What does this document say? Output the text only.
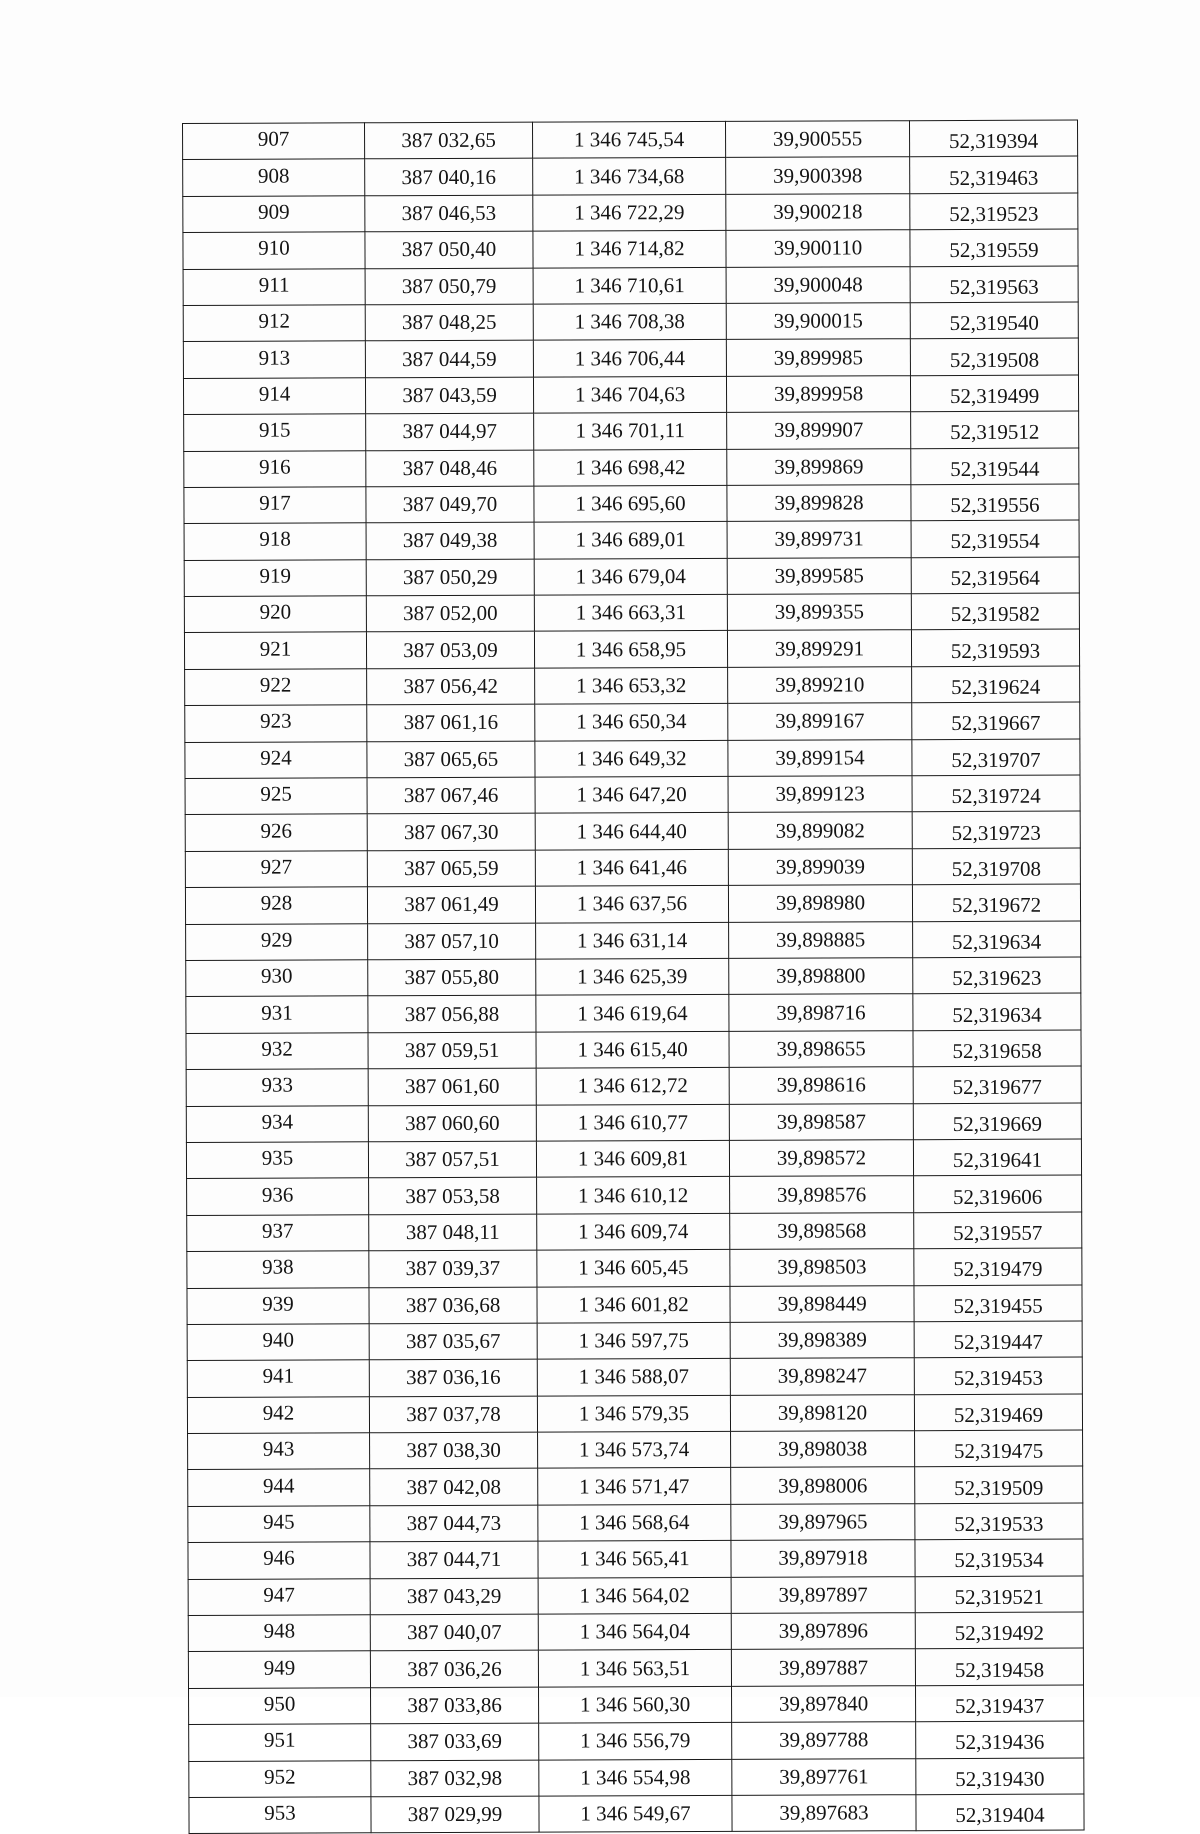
907	387 032,65	1 346 745,54	39,900555	52,319394
908	387 040,16	1 346 734,68	39,900398	52,319463
909	387 046,53	1 346 722,29	39,900218	52,319523
910	387 050,40	1 346 714,82	39,900110	52,319559
911	387 050,79	1 346 710,61	39,900048	52,319563
912	387 048,25	1 346 708,38	39,900015	52,319540
913	387 044,59	1 346 706,44	39,899985	52,319508
914	387 043,59	1 346 704,63	39,899958	52,319499
915	387 044,97	1 346 701,11	39,899907	52,319512
916	387 048,46	1 346 698,42	39,899869	52,319544
917	387 049,70	1 346 695,60	39,899828	52,319556
918	387 049,38	1 346 689,01	39,899731	52,319554
919	387 050,29	1 346 679,04	39,899585	52,319564
920	387 052,00	1 346 663,31	39,899355	52,319582
921	387 053,09	1 346 658,95	39,899291	52,319593
922	387 056,42	1 346 653,32	39,899210	52,319624
923	387 061,16	1 346 650,34	39,899167	52,319667
924	387 065,65	1 346 649,32	39,899154	52,319707
925	387 067,46	1 346 647,20	39,899123	52,319724
926	387 067,30	1 346 644,40	39,899082	52,319723
927	387 065,59	1 346 641,46	39,899039	52,319708
928	387 061,49	1 346 637,56	39,898980	52,319672
929	387 057,10	1 346 631,14	39,898885	52,319634
930	387 055,80	1 346 625,39	39,898800	52,319623
931	387 056,88	1 346 619,64	39,898716	52,319634
932	387 059,51	1 346 615,40	39,898655	52,319658
933	387 061,60	1 346 612,72	39,898616	52,319677
934	387 060,60	1 346 610,77	39,898587	52,319669
935	387 057,51	1 346 609,81	39,898572	52,319641
936	387 053,58	1 346 610,12	39,898576	52,319606
937	387 048,11	1 346 609,74	39,898568	52,319557
938	387 039,37	1 346 605,45	39,898503	52,319479
939	387 036,68	1 346 601,82	39,898449	52,319455
940	387 035,67	1 346 597,75	39,898389	52,319447
941	387 036,16	1 346 588,07	39,898247	52,319453
942	387 037,78	1 346 579,35	39,898120	52,319469
943	387 038,30	1 346 573,74	39,898038	52,319475
944	387 042,08	1 346 571,47	39,898006	52,319509
945	387 044,73	1 346 568,64	39,897965	52,319533
946	387 044,71	1 346 565,41	39,897918	52,319534
947	387 043,29	1 346 564,02	39,897897	52,319521
948	387 040,07	1 346 564,04	39,897896	52,319492
949	387 036,26	1 346 563,51	39,897887	52,319458
950	387 033,86	1 346 560,30	39,897840	52,319437
951	387 033,69	1 346 556,79	39,897788	52,319436
952	387 032,98	1 346 554,98	39,897761	52,319430
953	387 029,99	1 346 549,67	39,897683	52,319404
